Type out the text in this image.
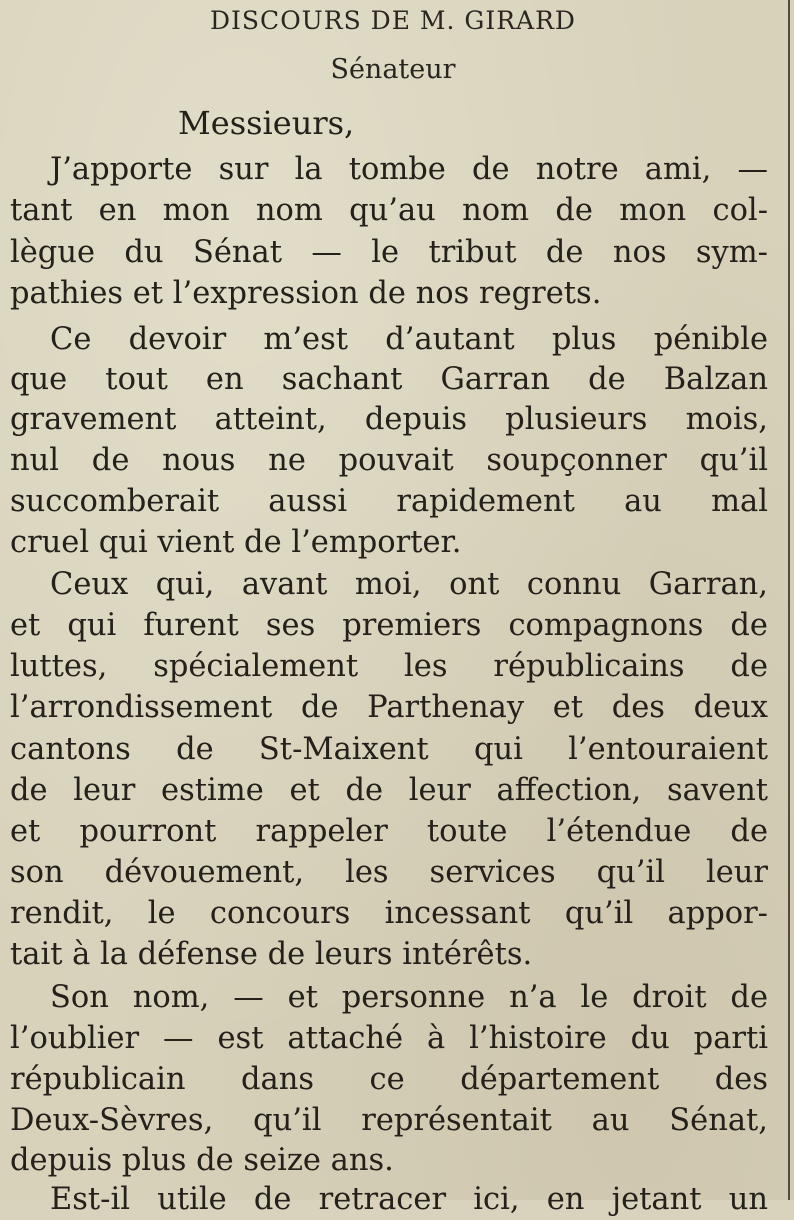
DISCOURS DE M. GIRARD
Sénateur
Messieurs,
J’apporte sur la tombe de notre ami, —
tant en mon nom qu’au nom de mon col-
lègue du Sénat — le tribut de nos sym-
pathies et l’expression de nos regrets.
Ce devoir m’est d’autant plus pénible
que tout en sachant Garran de Balzan
gravement atteint, depuis plusieurs mois,
nul de nous ne pouvait soupçonner qu’il
succomberait aussi rapidement au mal
cruel qui vient de l’emporter.
Ceux qui, avant moi, ont connu Garran,
et qui furent ses premiers compagnons de
luttes, spécialement les républicains de
l’arrondissement de Parthenay et des deux
cantons de St-Maixent qui l’entouraient
de leur estime et de leur affection, savent
et pourront rappeler toute l’étendue de
son dévouement, les services qu’il leur
rendit, le concours incessant qu’il appor-
tait à la défense de leurs intérêts.
Son nom, — et personne n’a le droit de
l’oublier — est attaché à l’histoire du parti
républicain dans ce département des
Deux-Sèvres, qu’il représentait au Sénat,
depuis plus de seize ans.
Est-il utile de retracer ici, en jetant un
